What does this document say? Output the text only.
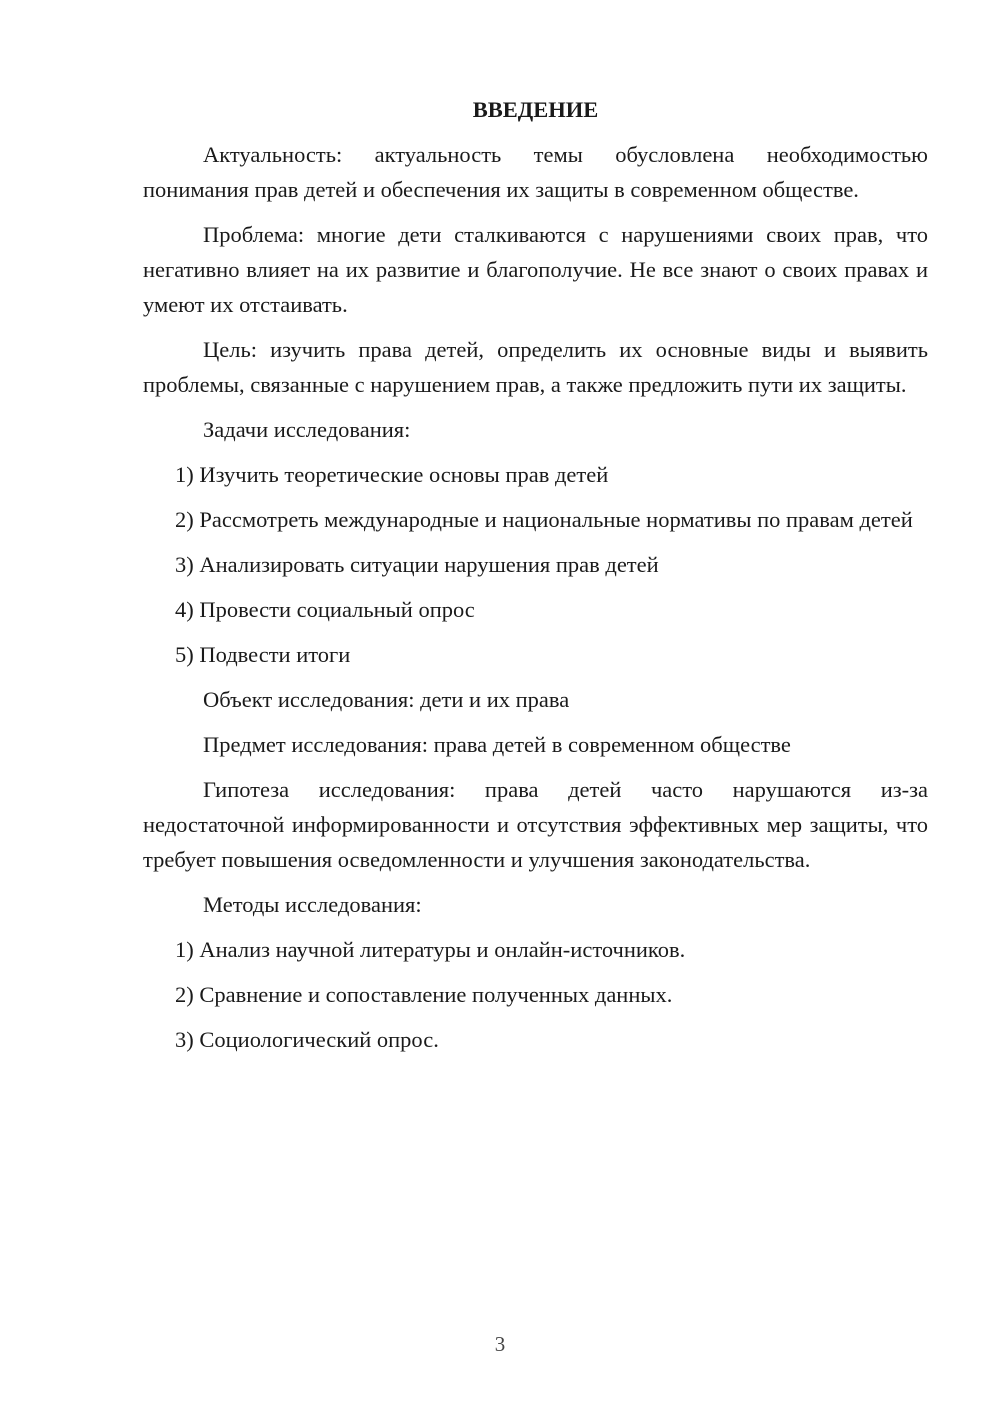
ВВЕДЕНИЕ
Актуальность: актуальность темы обусловлена необходимостью понимания прав детей и обеспечения их защиты в современном обществе.
Проблема: многие дети сталкиваются с нарушениями своих прав, что негативно влияет на их развитие и благополучие. Не все знают о своих правах и умеют их отстаивать.
Цель: изучить права детей, определить их основные виды и выявить проблемы, связанные с нарушением прав, а также предложить пути их защиты.
Задачи исследования:
1) Изучить теоретические основы прав детей
2) Рассмотреть международные и национальные нормативы по правам детей
3) Анализировать ситуации нарушения прав детей
4) Провести социальный опрос
5) Подвести итоги
Объект исследования: дети и их права
Предмет исследования: права детей в современном обществе
Гипотеза исследования: права детей часто нарушаются из-за недостаточной информированности и отсутствия эффективных мер защиты, что требует повышения осведомленности и улучшения законодательства.
Методы исследования:
1) Анализ научной литературы и онлайн-источников.
2) Сравнение и сопоставление полученных данных.
3) Социологический опрос.
3
